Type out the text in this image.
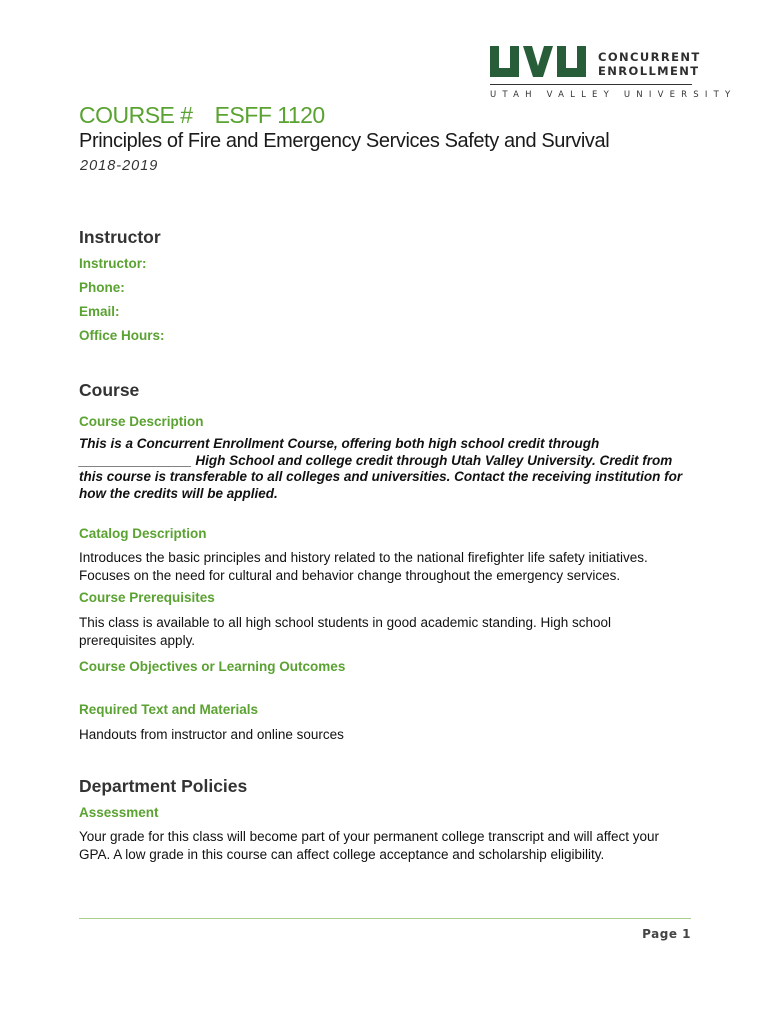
CONCURRENT
ENROLLMENT
UTAH VALLEY UNIVERSITY
COURSE # ESFF 1120
Principles of Fire and Emergency Services Safety and Survival
2018-2019
Instructor
Instructor:
Phone:
Email:
Office Hours:
Course
Course Description
This is a Concurrent Enrollment Course, offering both high school credit through _______________ High School and college credit through Utah Valley University. Credit from this course is transferable to all colleges and universities. Contact the receiving institution for how the credits will be applied.
Catalog Description
Introduces the basic principles and history related to the national firefighter life safety initiatives. Focuses on the need for cultural and behavior change throughout the emergency services.
Course Prerequisites
This class is available to all high school students in good academic standing. High school prerequisites apply.
Course Objectives or Learning Outcomes
Required Text and Materials
Handouts from instructor and online sources
Department Policies
Assessment
Your grade for this class will become part of your permanent college transcript and will affect your GPA. A low grade in this course can affect college acceptance and scholarship eligibility.
Page 1
